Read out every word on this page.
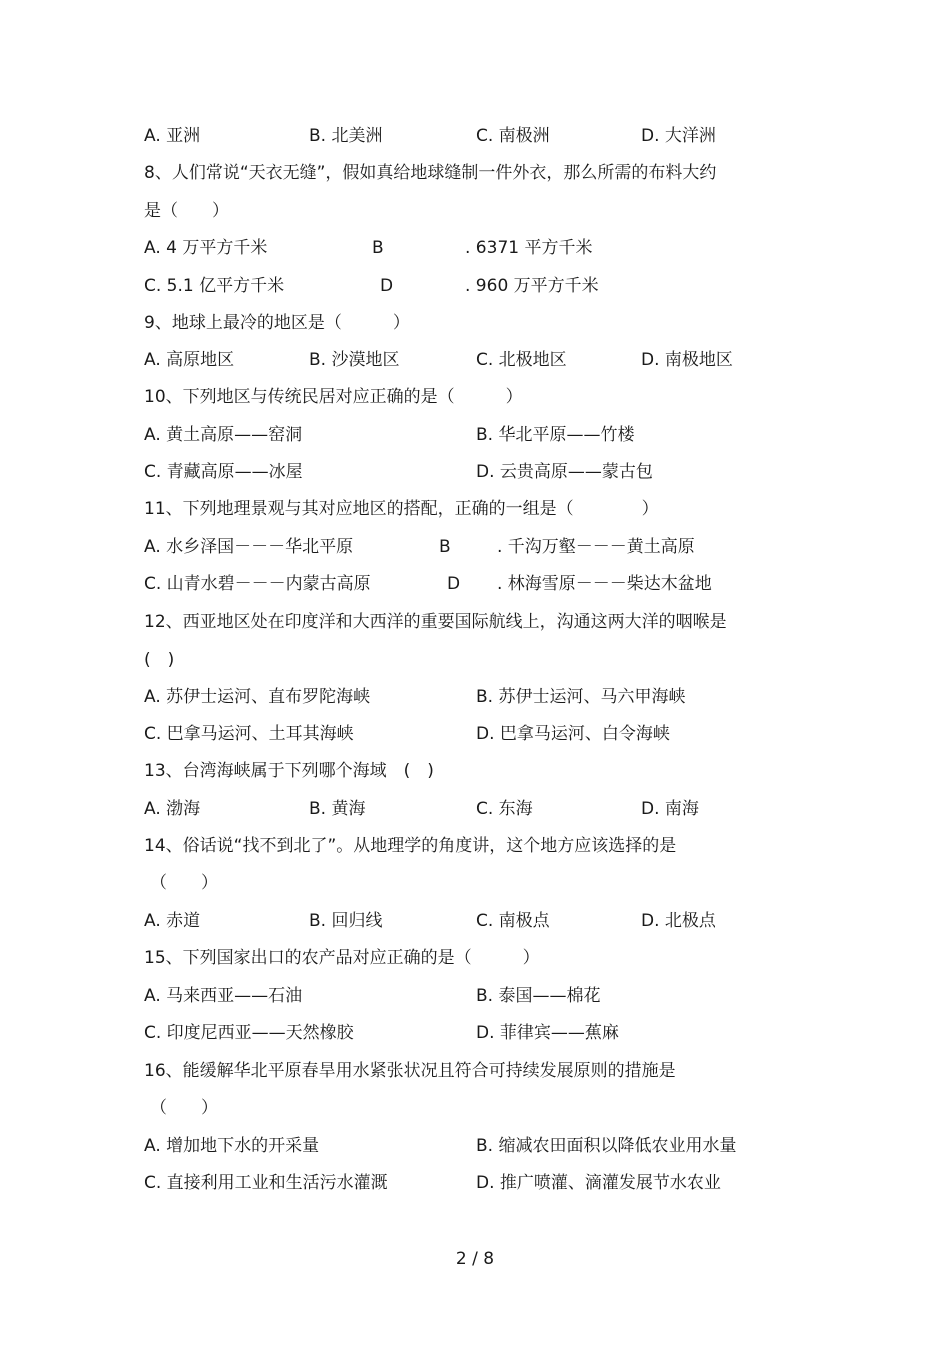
A. 亚洲	B. 北美洲	C. 南极洲	D. 大洋洲
8、人们常说“天衣无缝”，假如真给地球缝制一件外衣，那么所需的布料大约
是（　　）
A. 4 万平方千米	B	. 6371 平方千米
C. 5.1 亿平方千米	D	. 960 万平方千米
9、地球上最冷的地区是（　　　）
A. 高原地区	B. 沙漠地区	C. 北极地区	D. 南极地区
10、下列地区与传统民居对应正确的是（　　　）
A. 黄土高原——窑洞	B. 华北平原——竹楼
C. 青藏高原——冰屋	D. 云贵高原——蒙古包
11、下列地理景观与其对应地区的搭配，正确的一组是（　　　　）
A. 水乡泽国－－－华北平原	B	. 千沟万壑－－－黄土高原
C. 山青水碧－－－内蒙古高原	D . 林海雪原－－－柴达木盆地
12、西亚地区处在印度洋和大西洋的重要国际航线上，沟通这两大洋的咽喉是
(　)
A. 苏伊士运河、直布罗陀海峡	B. 苏伊士运河、马六甲海峡
C. 巴拿马运河、土耳其海峡	D. 巴拿马运河、白令海峡
13、台湾海峡属于下列哪个海域　(　)
A. 渤海	B. 黄海	C. 东海	D. 南海
14、俗话说“找不到北了”。从地理学的角度讲，这个地方应该选择的是
（　　）
A. 赤道	B. 回归线	C. 南极点	D. 北极点
15、下列国家出口的农产品对应正确的是（　　　）
A. 马来西亚——石油	B. 泰国——棉花
C. 印度尼西亚——天然橡胶	D. 菲律宾——蕉麻
16、能缓解华北平原春旱用水紧张状况且符合可持续发展原则的措施是
（　　）
A. 增加地下水的开采量	B. 缩减农田面积以降低农业用水量
C. 直接利用工业和生活污水灌溉	D. 推广喷灌、滴灌发展节水农业
2 / 8
